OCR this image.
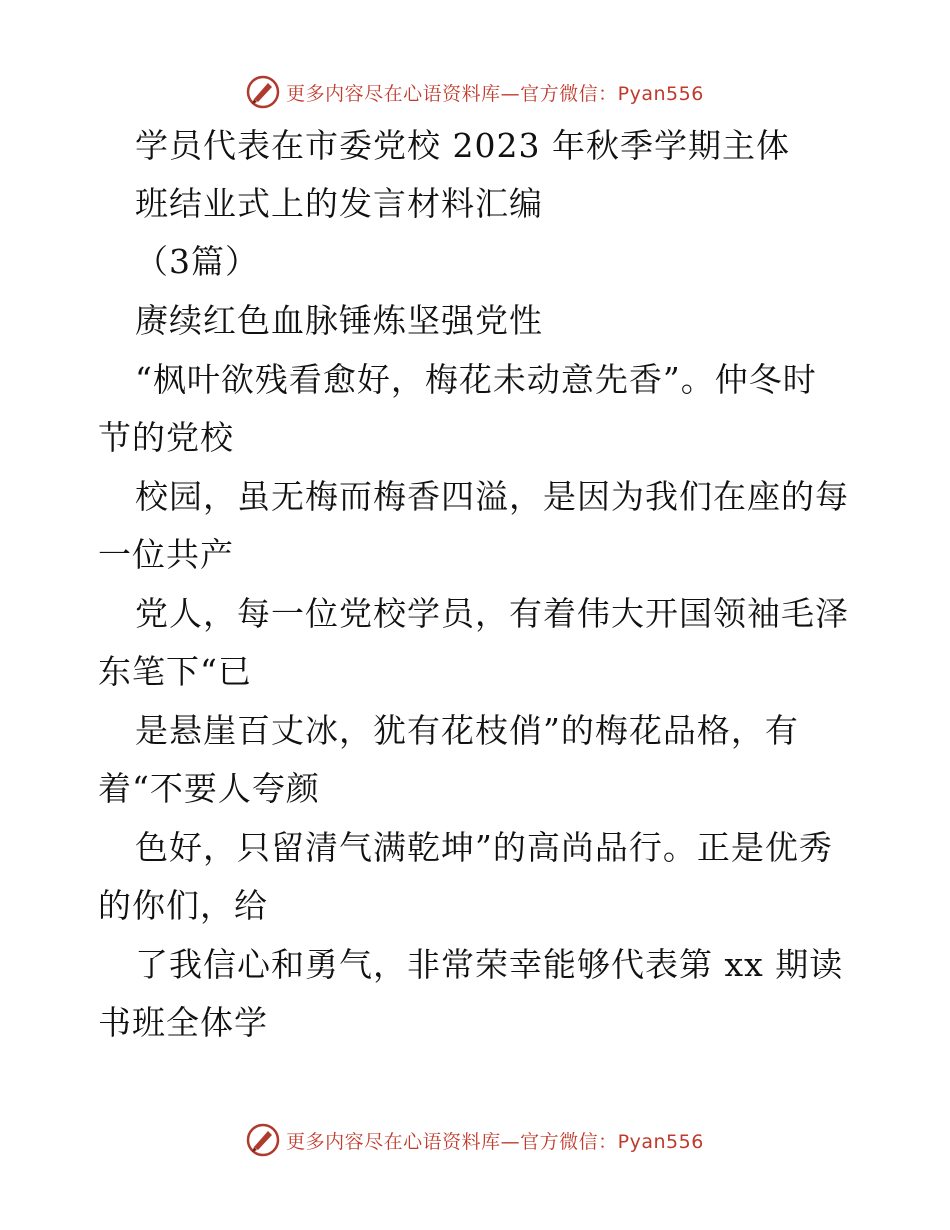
更多内容尽在心语资料库—官方微信：Pyan556
学员代表在市委党校 2023 年秋季学期主体
班结业式上的发言材料汇编
（3篇）
赓续红色血脉锤炼坚强党性
“枫叶欲残看愈好，梅花未动意先香”。仲冬时
节的党校
校园，虽无梅而梅香四溢，是因为我们在座的每
一位共产
党人，每一位党校学员，有着伟大开国领袖毛泽
东笔下“已
是悬崖百丈冰，犹有花枝俏”的梅花品格，有
着“不要人夸颜
色好，只留清气满乾坤”的高尚品行。正是优秀
的你们，给
了我信心和勇气，非常荣幸能够代表第 xx 期读
书班全体学
更多内容尽在心语资料库—官方微信：Pyan556
